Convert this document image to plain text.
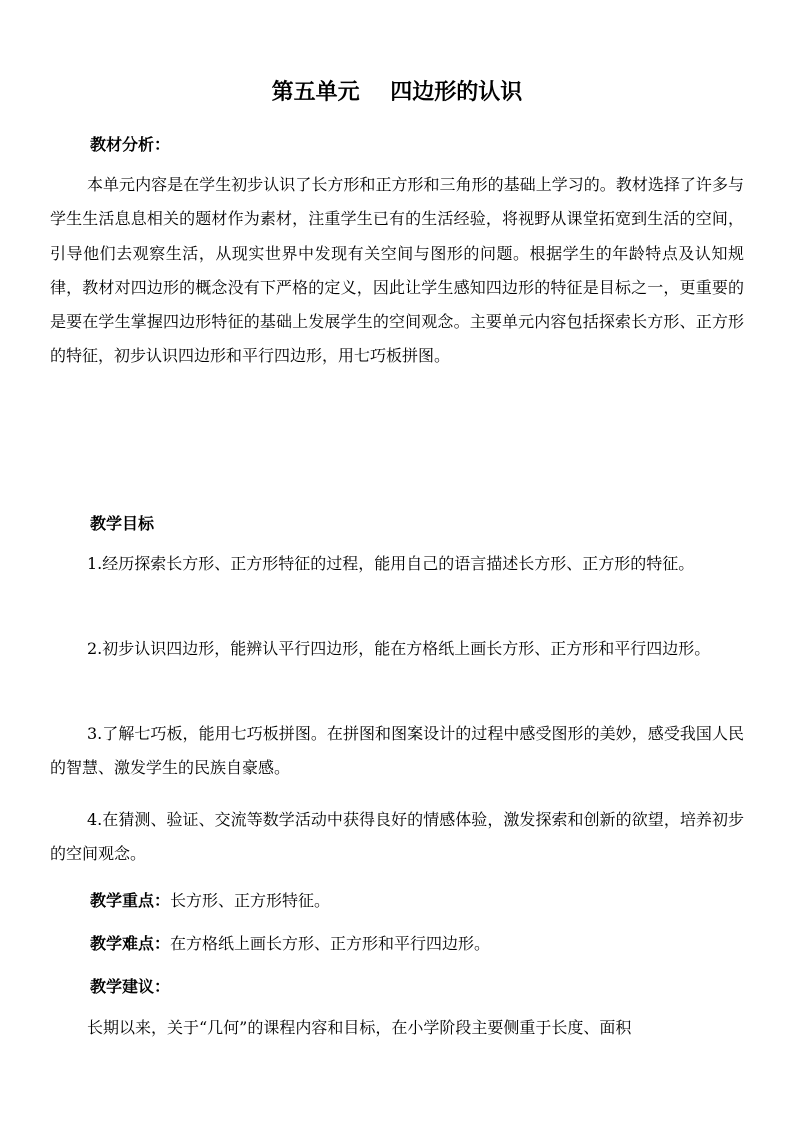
第五单元    四边形的认识
教材分析：
本单元内容是在学生初步认识了长方形和正方形和三角形的基础上学习的。教材选择了许多与学生生活息息相关的题材作为素材，注重学生已有的生活经验，将视野从课堂拓宽到生活的空间，引导他们去观察生活，从现实世界中发现有关空间与图形的问题。根据学生的年龄特点及认知规律，教材对四边形的概念没有下严格的定义，因此让学生感知四边形的特征是目标之一，更重要的是要在学生掌握四边形特征的基础上发展学生的空间观念。主要单元内容包括探索长方形、正方形的特征，初步认识四边形和平行四边形，用七巧板拼图。
教学目标
1.经历探索长方形、正方形特征的过程，能用自己的语言描述长方形、正方形的特征。
2.初步认识四边形，能辨认平行四边形，能在方格纸上画长方形、正方形和平行四边形。
3.了解七巧板，能用七巧板拼图。在拼图和图案设计的过程中感受图形的美妙，感受我国人民的智慧、激发学生的民族自豪感。
4.在猜测、验证、交流等数学活动中获得良好的情感体验，激发探索和创新的欲望，培养初步的空间观念。
教学重点：长方形、正方形特征。
教学难点：在方格纸上画长方形、正方形和平行四边形。
教学建议：
长期以来，关于“几何”的课程内容和目标，在小学阶段主要侧重于长度、面积
